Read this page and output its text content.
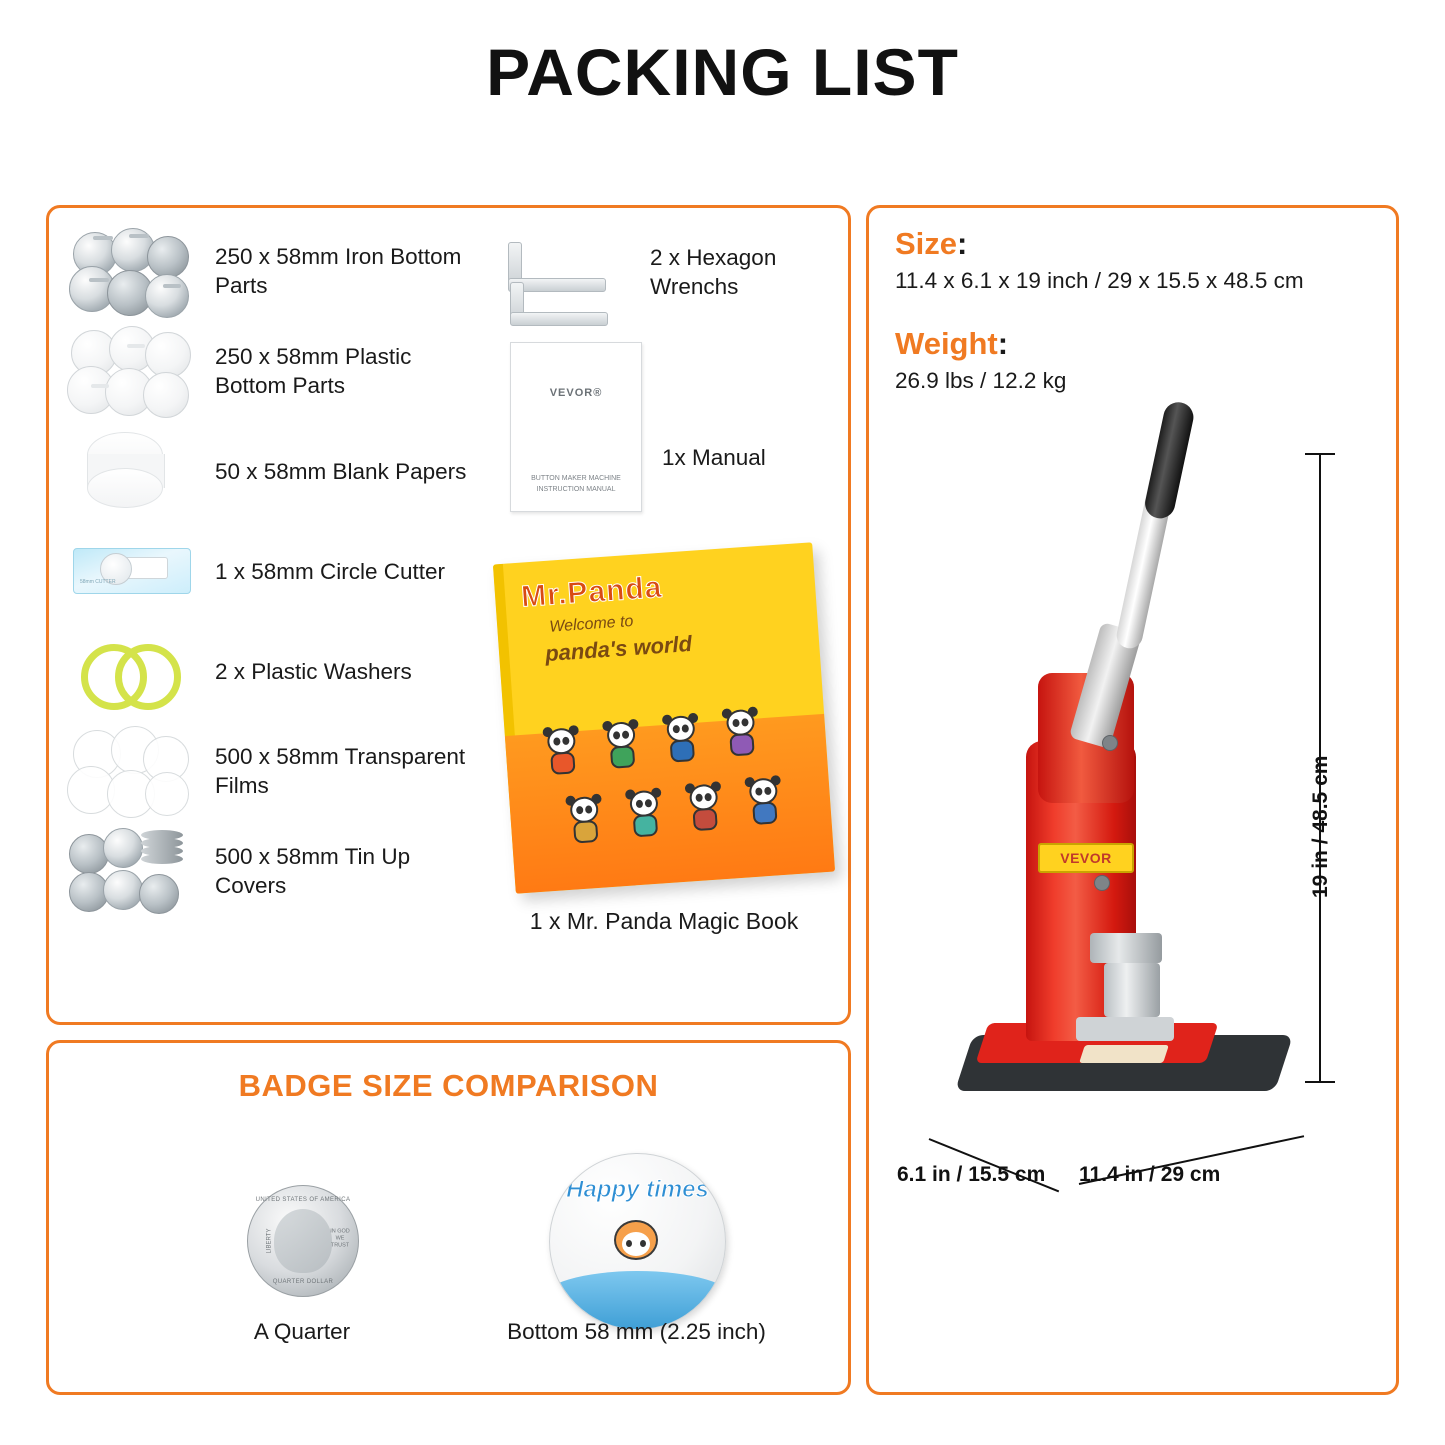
PACKING LIST
250 x 58mm Iron Bottom Parts
250 x 58mm Plastic Bottom Parts
50 x 58mm Blank Papers
58mm CUTTER	1 x 58mm Circle Cutter
2 x Plastic Washers
500 x 58mm Transparent Films
500 x 58mm Tin Up Covers
2 x Hexagon Wrenchs
VEVOR®
BUTTON MAKER MACHINE INSTRUCTION MANUAL
1x Manual
Mr.Panda
Welcome to
panda's world
1 x Mr. Panda Magic Book
BADGE SIZE COMPARISON
UNITED STATES OF AMERICA
LIBERTY	IN GOD WE TRUST
QUARTER DOLLAR
Happy times
A Quarter	Bottom 58 mm (2.25 inch)
Size:
11.4 x 6.1 x 19 inch / 29 x 15.5 x 48.5 cm
Weight:
26.9 lbs / 12.2 kg
VEVOR	19 in / 48.5 cm
6.1 in / 15.5 cm 11.4 in / 29 cm
